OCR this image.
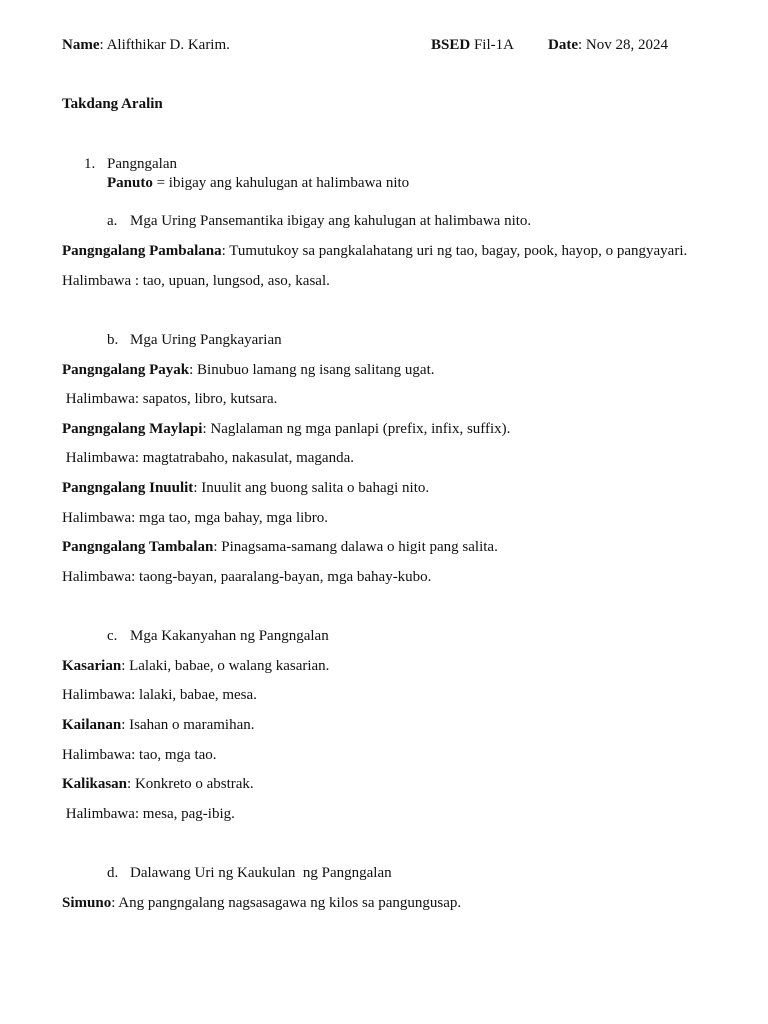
Name: Alifthikar D. Karim.	BSED Fil-1A Date: Nov 28, 2024
Takdang Aralin
1. Pangngalan
Panuto = ibigay ang kahulugan at halimbawa nito
a. Mga Uring Pansemantika ibigay ang kahulugan at halimbawa nito.
Pangngalang Pambalana: Tumutukoy sa pangkalahatang uri ng tao, bagay, pook, hayop, o pangyayari.
Halimbawa : tao, upuan, lungsod, aso, kasal.
b. Mga Uring Pangkayarian
Pangngalang Payak: Binubuo lamang ng isang salitang ugat.
Halimbawa: sapatos, libro, kutsara.
Pangngalang Maylapi: Naglalaman ng mga panlapi (prefix, infix, suffix).
Halimbawa: magtatrabaho, nakasulat, maganda.
Pangngalang Inuulit: Inuulit ang buong salita o bahagi nito.
Halimbawa: mga tao, mga bahay, mga libro.
Pangngalang Tambalan: Pinagsama-samang dalawa o higit pang salita.
Halimbawa: taong-bayan, paaralang-bayan, mga bahay-kubo.
c. Mga Kakanyahan ng Pangngalan
Kasarian: Lalaki, babae, o walang kasarian.
Halimbawa: lalaki, babae, mesa.
Kailanan: Isahan o maramihan.
Halimbawa: tao, mga tao.
Kalikasan: Konkreto o abstrak.
Halimbawa: mesa, pag-ibig.
d. Dalawang Uri ng Kaukulan  ng Pangngalan
Simuno: Ang pangngalang nagsasagawa ng kilos sa pangungusap.
